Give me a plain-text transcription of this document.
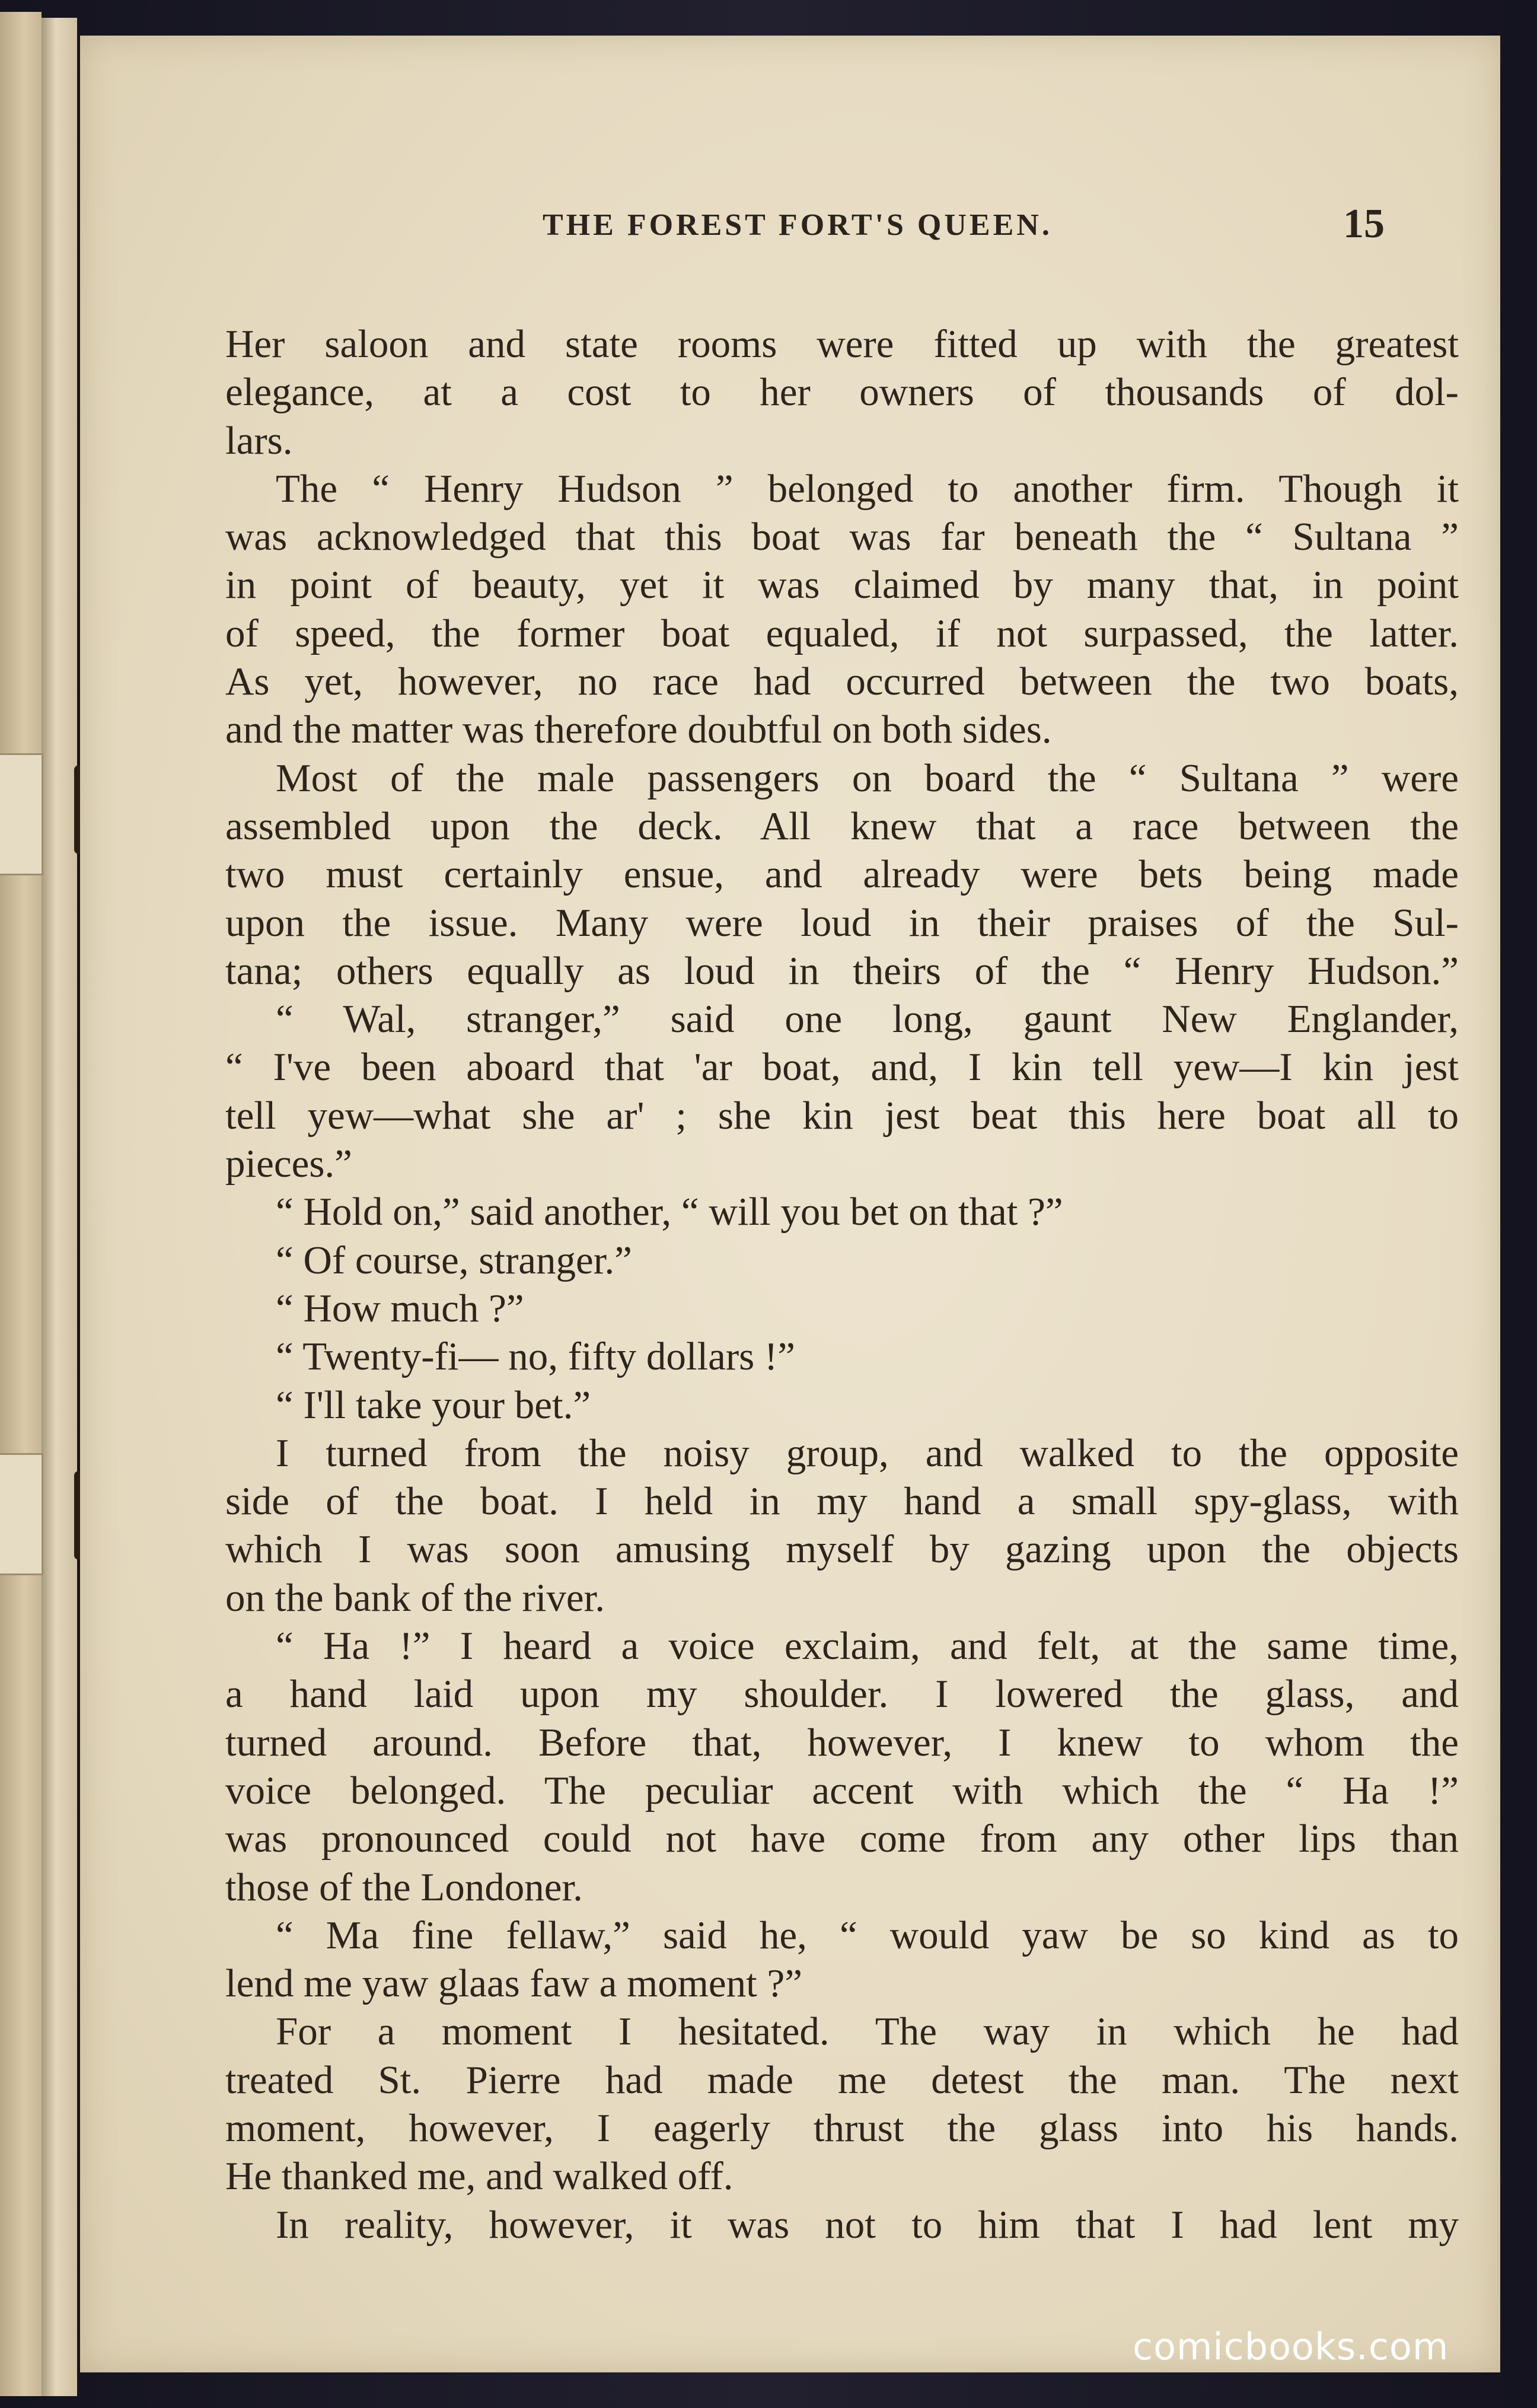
THE FOREST FORT'S QUEEN.	15
Her saloon and state rooms were fitted up with the greatest
elegance, at a cost to her owners of thousands of dol-
lars.
The “ Henry Hudson ” belonged to another firm. Though it
was acknowledged that this boat was far beneath the “ Sultana ”
in point of beauty, yet it was claimed by many that, in point
of speed, the former boat equaled, if not surpassed, the latter.
As yet, however, no race had occurred between the two boats,
and the matter was therefore doubtful on both sides.
Most of the male passengers on board the “ Sultana ” were
assembled upon the deck. All knew that a race between the
two must certainly ensue, and already were bets being made
upon the issue. Many were loud in their praises of the Sul-
tana; others equally as loud in theirs of the “ Henry Hudson.”
“ Wal, stranger,” said one long, gaunt New Englander,
“ I've been aboard that 'ar boat, and, I kin tell yew—I kin jest
tell yew—what she ar' ; she kin jest beat this here boat all to
pieces.”
“ Hold on,” said another, “ will you bet on that ?”
“ Of course, stranger.”
“ How much ?”
“ Twenty-fi— no, fifty dollars !”
“ I'll take your bet.”
I turned from the noisy group, and walked to the opposite
side of the boat. I held in my hand a small spy-glass, with
which I was soon amusing myself by gazing upon the objects
on the bank of the river.
“ Ha !” I heard a voice exclaim, and felt, at the same time,
a hand laid upon my shoulder. I lowered the glass, and
turned around. Before that, however, I knew to whom the
voice belonged. The peculiar accent with which the “ Ha !”
was pronounced could not have come from any other lips than
those of the Londoner.
“ Ma fine fellaw,” said he, “ would yaw be so kind as to
lend me yaw glaas faw a moment ?”
For a moment I hesitated. The way in which he had
treated St. Pierre had made me detest the man. The next
moment, however, I eagerly thrust the glass into his hands.
He thanked me, and walked off.
In reality, however, it was not to him that I had lent my
comicbooks.com
